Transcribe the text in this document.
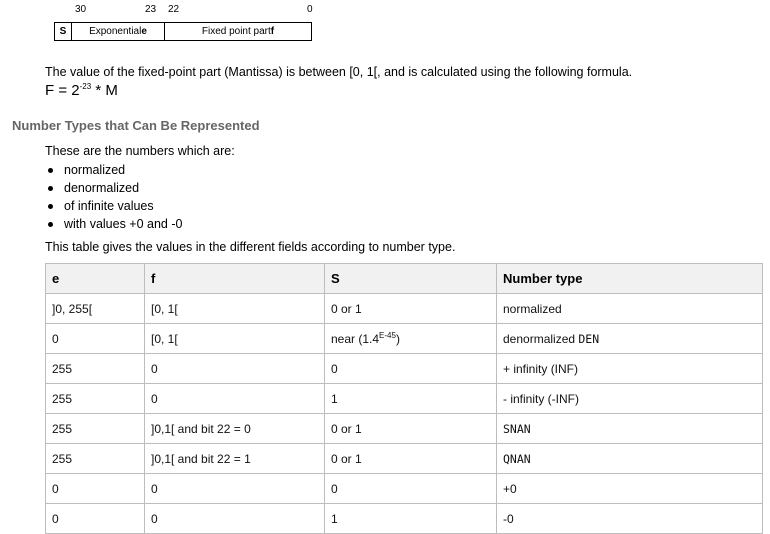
30	23 22	0
S	Exponential e	Fixed point part f
The value of the fixed-point part (Mantissa) is between [0, 1[, and is calculated using the following formula.
$F = 2^{-23} * M$
Number Types that Can Be Represented
These are the numbers which are:
normalized
denormalized
of infinite values
with values +0 and -0
This table gives the values in the different fields according to number type.
e	f	S	Number type
]0, 255[	[0, 1[	0 or 1	normalized
0	[0, 1[	near $(1.4^{E-45})$	denormalized DEN
255	0	0	+ infinity (INF)
255	0	1	- infinity (-INF)
255	]0,1[ and bit 22 = 0	0 or 1	SNAN
255	]0,1[ and bit 22 = 1	0 or 1	QNAN
0	0	0	+0
0	0	1	-0
